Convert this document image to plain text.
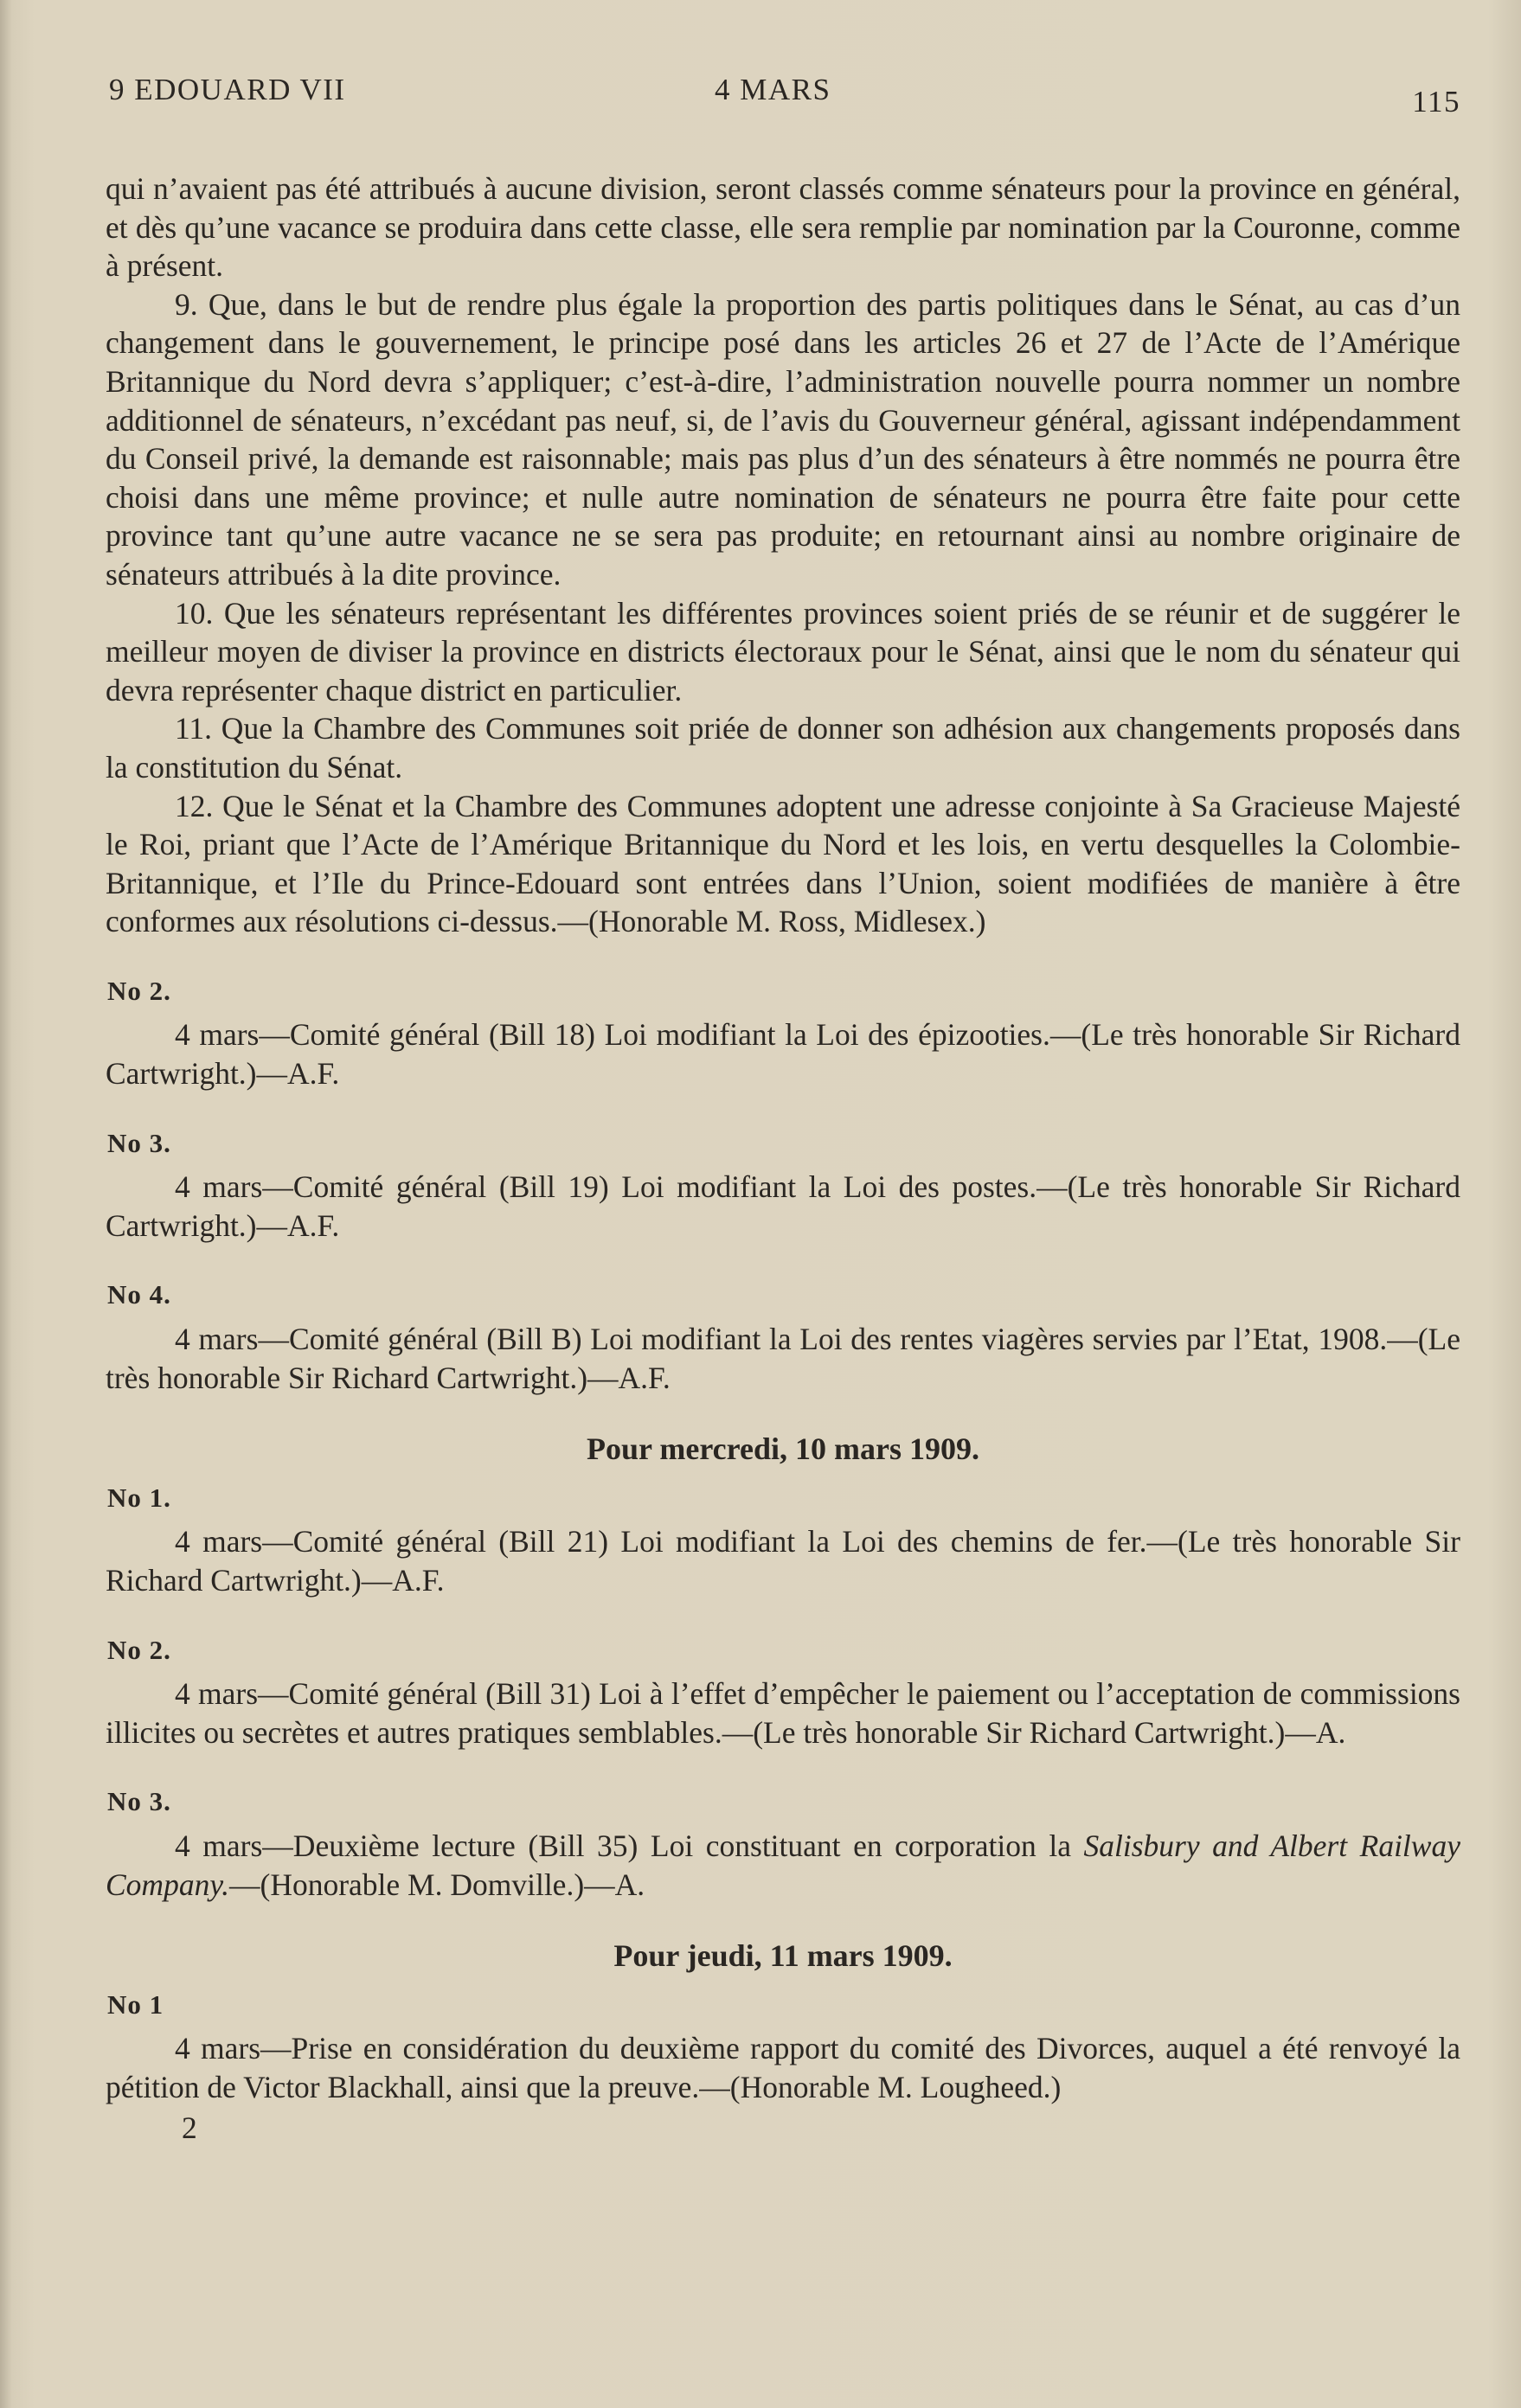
9 EDOUARD VII	4 MARS	115

qui n’avaient pas été attribués à aucune division, seront classés comme sénateurs pour la province en général, et dès qu’une vacance se produira dans cette classe, elle sera remplie par nomination par la Couronne, comme à présent.

9. Que, dans le but de rendre plus égale la proportion des partis politiques dans le Sénat, au cas d’un changement dans le gouvernement, le principe posé dans les articles 26 et 27 de l’Acte de l’Amérique Britannique du Nord devra s’appliquer; c’est-à-dire, l’administration nouvelle pourra nommer un nombre additionnel de sénateurs, n’excédant pas neuf, si, de l’avis du Gouverneur général, agissant indépendamment du Conseil privé, la demande est raisonnable; mais pas plus d’un des sénateurs à être nommés ne pourra être choisi dans une même province; et nulle autre nomination de sénateurs ne pourra être faite pour cette province tant qu’une autre vacance ne se sera pas produite; en retournant ainsi au nombre originaire de sénateurs attribués à la dite province.

10. Que les sénateurs représentant les différentes provinces soient priés de se réunir et de suggérer le meilleur moyen de diviser la province en districts électoraux pour le Sénat, ainsi que le nom du sénateur qui devra représenter chaque district en particulier.

11. Que la Chambre des Communes soit priée de donner son adhésion aux changements proposés dans la constitution du Sénat.

12. Que le Sénat et la Chambre des Communes adoptent une adresse conjointe à Sa Gracieuse Majesté le Roi, priant que l’Acte de l’Amérique Britannique du Nord et les lois, en vertu desquelles la Colombie-Britannique, et l’Ile du Prince-Edouard sont entrées dans l’Union, soient modifiées de manière à être conformes aux résolutions ci-dessus.—(Honorable M. Ross, Midlesex.)

No 2.

4 mars—Comité général (Bill 18) Loi modifiant la Loi des épizooties.—(Le très honorable Sir Richard Cartwright.)—A.F.

No 3.

4 mars—Comité général (Bill 19) Loi modifiant la Loi des postes.—(Le très honorable Sir Richard Cartwright.)—A.F.

No 4.

4 mars—Comité général (Bill B) Loi modifiant la Loi des rentes viagères servies par l’Etat, 1908.—(Le très honorable Sir Richard Cartwright.)—A.F.

Pour mercredi, 10 mars 1909.

No 1.

4 mars—Comité général (Bill 21) Loi modifiant la Loi des chemins de fer.—(Le très honorable Sir Richard Cartwright.)—A.F.

No 2.

4 mars—Comité général (Bill 31) Loi à l’effet d’empêcher le paiement ou l’acceptation de commissions illicites ou secrètes et autres pratiques semblables.—(Le très honorable Sir Richard Cartwright.)—A.

No 3.

4 mars—Deuxième lecture (Bill 35) Loi constituant en corporation la Salisbury and Albert Railway Company.—(Honorable M. Domville.)—A.

Pour jeudi, 11 mars 1909.

No 1

4 mars—Prise en considération du deuxième rapport du comité des Divorces, auquel a été renvoyé la pétition de Victor Blackhall, ainsi que la preuve.—(Honorable M. Lougheed.)

2
